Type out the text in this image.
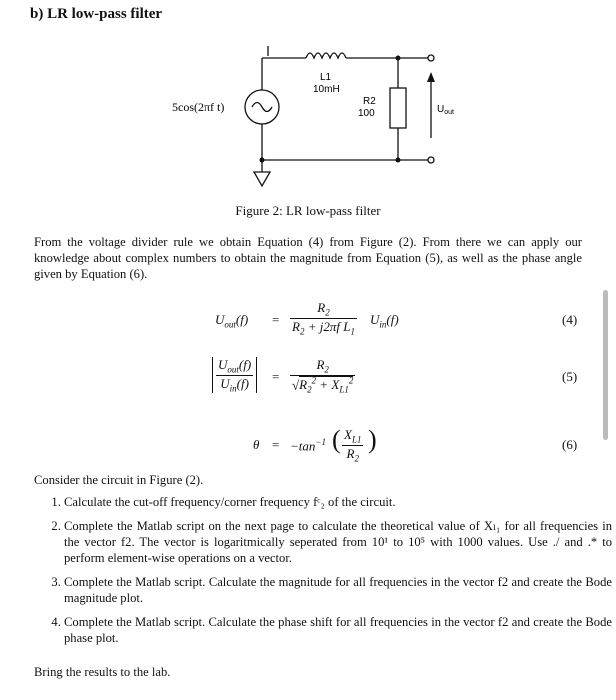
b) LR low-pass filter
5cos(2πf t)
L1
10mH
R2
100	$U_{out}$
Figure 2: LR low-pass filter
From the voltage divider rule we obtain Equation (4) from Figure (2). From there we can apply our knowledge about complex numbers to obtain the magnitude from Equation (5), as well as the phase angle given by Equation (6).
$U_{out}(f) = \frac{R_2}{R_2 + j2\pi f L_1} U_{in}(f)$	(4)
$U_{out}(f)$
$U_{in}(f)$	= $\frac{R_2}{√R_2^2 + X_{L1}^2}$	(5)
$\theta = -\tan^{-1}$ ( $\frac{X_{L1}}{R_2}$ )	(6)
Consider the circuit in Figure (2).
1. Calculate the cut-off frequency/corner frequency fᶜ₂ of the circuit.
2. Complete the Matlab script on the next page to calculate the theoretical value of Xₗ₁ for all frequencies in the vector f2. The vector is logaritmically seperated from 10¹ to 10⁵ with 1000 values. Use ./ and .* to perform element-wise operations on a vector.
3. Complete the Matlab script. Calculate the magnitude for all frequencies in the vector f2 and create the Bode magnitude plot.
4. Complete the Matlab script. Calculate the phase shift for all frequencies in the vector f2 and create the Bode phase plot.
Bring the results to the lab.
